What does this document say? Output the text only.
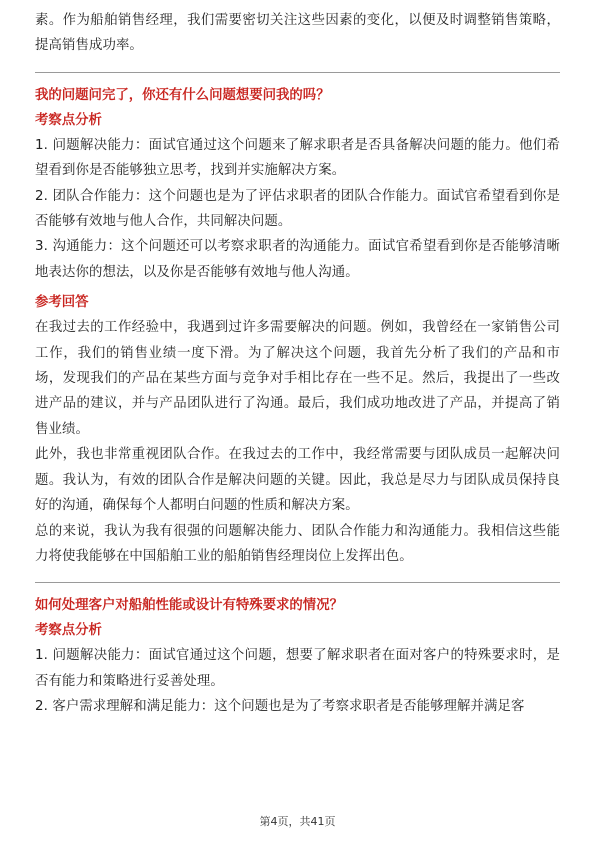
素。作为船舶销售经理，我们需要密切关注这些因素的变化，以便及时调整销售策略，提高销售成功率。

我的问题问完了，你还有什么问题想要问我的吗？
考察点分析

1. 问题解决能力：面试官通过这个问题来了解求职者是否具备解决问题的能力。他们希望看到你是否能够独立思考，找到并实施解决方案。

2. 团队合作能力：这个问题也是为了评估求职者的团队合作能力。面试官希望看到你是否能够有效地与他人合作，共同解决问题。

3. 沟通能力：这个问题还可以考察求职者的沟通能力。面试官希望看到你是否能够清晰地表达你的想法，以及你是否能够有效地与他人沟通。

参考回答

在我过去的工作经验中，我遇到过许多需要解决的问题。例如，我曾经在一家销售公司工作，我们的销售业绩一度下滑。为了解决这个问题，我首先分析了我们的产品和市场，发现我们的产品在某些方面与竞争对手相比存在一些不足。然后，我提出了一些改进产品的建议，并与产品团队进行了沟通。最后，我们成功地改进了产品，并提高了销售业绩。

此外，我也非常重视团队合作。在我过去的工作中，我经常需要与团队成员一起解决问题。我认为，有效的团队合作是解决问题的关键。因此，我总是尽力与团队成员保持良好的沟通，确保每个人都明白问题的性质和解决方案。

总的来说，我认为我有很强的问题解决能力、团队合作能力和沟通能力。我相信这些能力将使我能够在中国船舶工业的船舶销售经理岗位上发挥出色。

如何处理客户对船舶性能或设计有特殊要求的情况？
考察点分析

1. 问题解决能力：面试官通过这个问题，想要了解求职者在面对客户的特殊要求时，是否有能力和策略进行妥善处理。

2. 客户需求理解和满足能力：这个问题也是为了考察求职者是否能够理解并满足客

第4页，共41页
